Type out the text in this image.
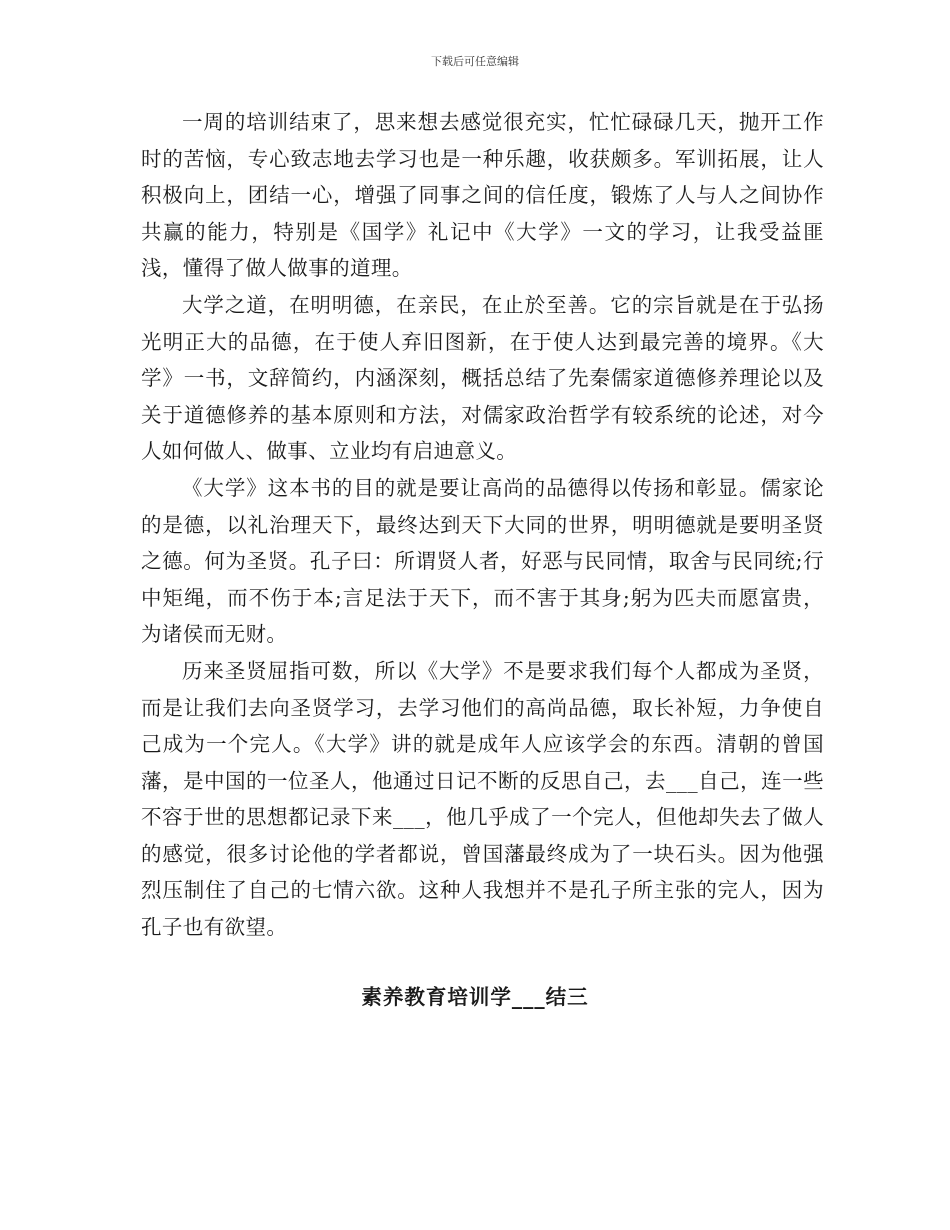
下载后可任意编辑

一周的培训结束了，思来想去感觉很充实，忙忙碌碌几天，抛开工作时的苦恼，专心致志地去学习也是一种乐趣，收获颇多。军训拓展，让人积极向上，团结一心，增强了同事之间的信任度，锻炼了人与人之间协作共赢的能力，特别是《国学》礼记中《大学》一文的学习，让我受益匪浅，懂得了做人做事的道理。

大学之道，在明明德，在亲民，在止於至善。它的宗旨就是在于弘扬光明正大的品德，在于使人弃旧图新，在于使人达到最完善的境界。《大学》一书，文辞简约，内涵深刻，概括总结了先秦儒家道德修养理论以及关于道德修养的基本原则和方法，对儒家政治哲学有较系统的论述，对今人如何做人、做事、立业均有启迪意义。

《大学》这本书的目的就是要让高尚的品德得以传扬和彰显。儒家论的是德，以礼治理天下，最终达到天下大同的世界，明明德就是要明圣贤之德。何为圣贤。孔子曰：所谓贤人者，好恶与民同情，取舍与民同统;行中矩绳，而不伤于本;言足法于天下，而不害于其身;躬为匹夫而愿富贵，为诸侯而无财。

历来圣贤屈指可数，所以《大学》不是要求我们每个人都成为圣贤，而是让我们去向圣贤学习，去学习他们的高尚品德，取长补短，力争使自己成为一个完人。《大学》讲的就是成年人应该学会的东西。清朝的曾国藩，是中国的一位圣人，他通过日记不断的反思自己，去___自己，连一些不容于世的思想都记录下来___，他几乎成了一个完人，但他却失去了做人的感觉，很多讨论他的学者都说，曾国藩最终成为了一块石头。因为他强烈压制住了自己的七情六欲。这种人我想并不是孔子所主张的完人，因为孔子也有欲望。

素养教育培训学___结三
